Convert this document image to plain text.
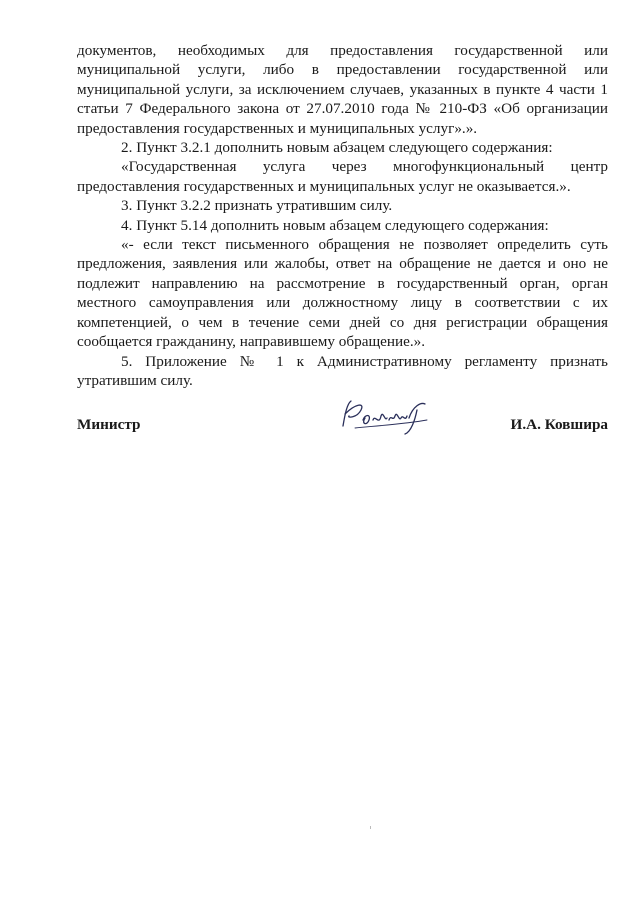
документов, необходимых для предоставления государственной или муниципальной услуги, либо в предоставлении государственной или муниципальной услуги, за исключением случаев, указанных в пункте 4 части 1 статьи 7 Федерального закона от 27.07.2010 года № 210-ФЗ «Об организации предоставления государственных и муниципальных услуг».».

2. Пункт 3.2.1 дополнить новым абзацем следующего содержания:

«Государственная услуга через многофункциональный центр предоставления государственных и муниципальных услуг не оказывается.».

3. Пункт 3.2.2 признать утратившим силу.

4. Пункт 5.14 дополнить новым абзацем следующего содержания:

«- если текст письменного обращения не позволяет определить суть предложения, заявления или жалобы, ответ на обращение не дается и оно не подлежит направлению на рассмотрение в государственный орган, орган местного самоуправления или должностному лицу в соответствии с их компетенцией, о чем в течение семи дней со дня регистрации обращения сообщается гражданину, направившему обращение.».

5. Приложение № 1 к Административному регламенту признать утратившим силу.

Министр	И.А. Ковшира
